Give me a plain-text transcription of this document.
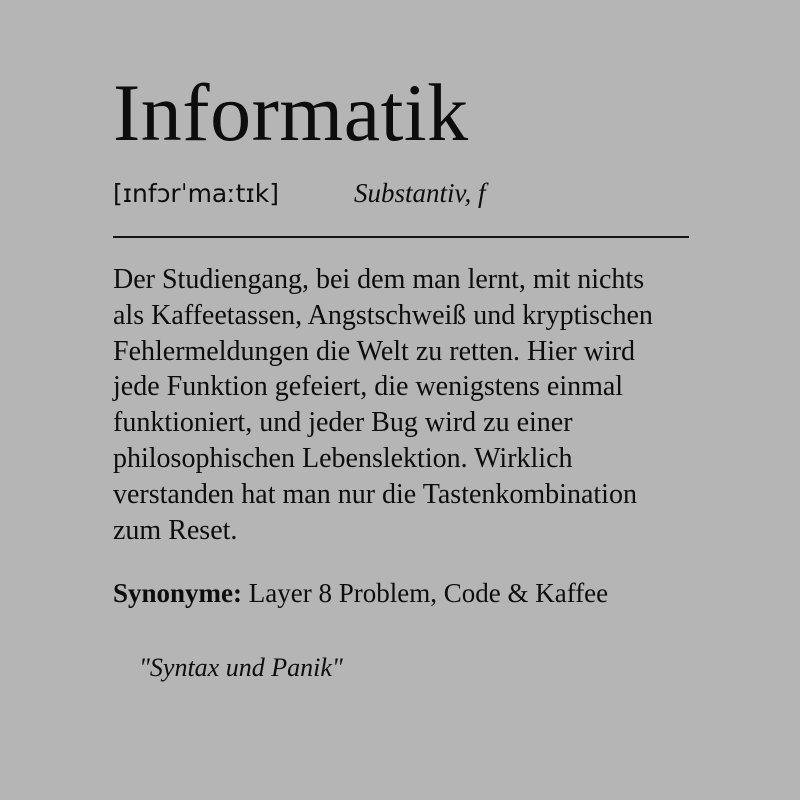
Informatik
[ɪnfɔrˈmaːtɪk]	Substantiv, f

Der Studiengang, bei dem man lernt, mit nichts als Kaffeetassen, Angstschweiß und kryptischen Fehlermeldungen die Welt zu retten. Hier wird jede Funktion gefeiert, die wenigstens einmal funktioniert, und jeder Bug wird zu einer philosophischen Lebenslektion. Wirklich verstanden hat man nur die Tastenkombination zum Reset.

Synonyme: Layer 8 Problem, Code & Kaffee

"Syntax und Panik"
